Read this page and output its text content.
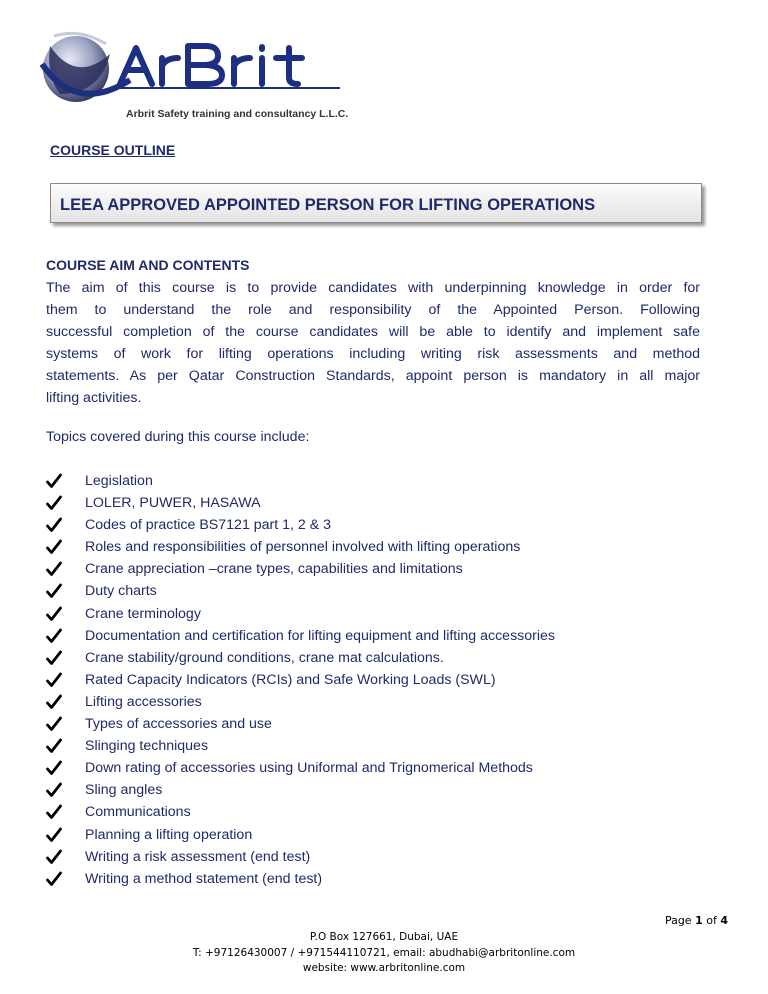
Arbrit Safety training and consultancy L.L.C.
COURSE OUTLINE
LEEA APPROVED APPOINTED PERSON FOR LIFTING OPERATIONS
COURSE AIM AND CONTENTS
The aim of this course is to provide candidates with underpinning knowledge in order for
them to understand the role and responsibility of the Appointed Person. Following
successful completion of the course candidates will be able to identify and implement safe
systems of work for lifting operations including writing risk assessments and method
statements. As per Qatar Construction Standards, appoint person is mandatory in all major
lifting activities.
Topics covered during this course include:
Legislation
LOLER, PUWER, HASAWA
Codes of practice BS7121 part 1, 2 & 3
Roles and responsibilities of personnel involved with lifting operations
Crane appreciation –crane types, capabilities and limitations
Duty charts
Crane terminology
Documentation and certification for lifting equipment and lifting accessories
Crane stability/ground conditions, crane mat calculations.
Rated Capacity Indicators (RCIs) and Safe Working Loads (SWL)
Lifting accessories
Types of accessories and use
Slinging techniques
Down rating of accessories using Uniformal and Trignomerical Methods
Sling angles
Communications
Planning a lifting operation
Writing a risk assessment (end test)
Writing a method statement (end test)
Page 1 of 4
P.O Box 127661, Dubai, UAE
T: +97126430007 / +971544110721, email: abudhabi@arbritonline.com
website: www.arbritonline.com
